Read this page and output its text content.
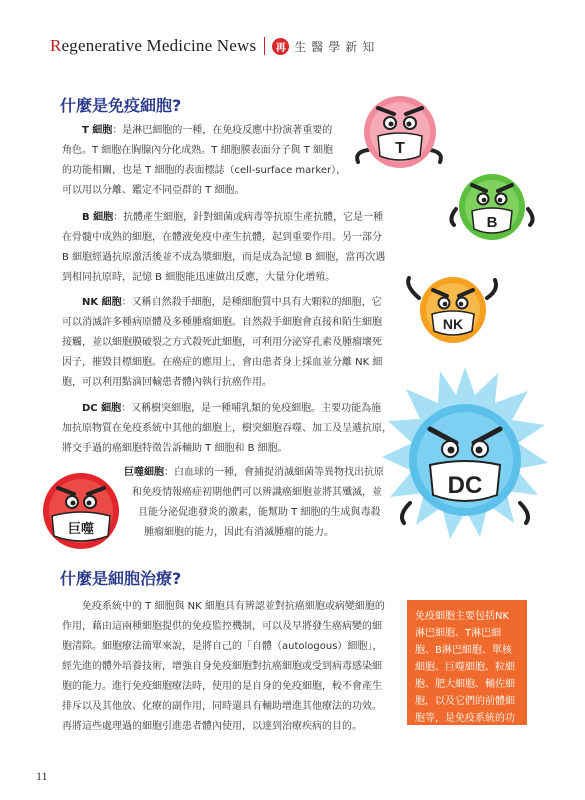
Regenerative Medicine News	再 生醫學新知
什麼是免疫細胞?
T 細胞：是淋巴細胞的一種，在免疫反應中扮演著重要的
角色。T 細胞在胸腺內分化成熟。T 細胞膜表面分子與 T 細胞
的功能相關，也是 T 細胞的表面標誌（cell-surface marker），
可以用以分離、鑑定不同亞群的 T 細胞。
B 細胞：抗體產生細胞，針對細菌或病毒等抗原生產抗體，它是一種
在骨髓中成熟的細胞，在體液免疫中產生抗體，起到重要作用。另一部分
B 細胞經過抗原激活後並不成為漿細胞，而是成為記憶 B 細胞，當再次遇
到相同抗原時，記憶 B 細胞能迅速做出反應，大量分化增殖。
NK 細胞：又稱自然殺手細胞，是種細胞質中具有大顆粒的細胞，它
可以消滅許多種病原體及多種腫瘤細胞。自然殺手細胞會直接和陌生細胞
接觸，並以細胞膜破裂之方式殺死此細胞，可利用分泌穿孔素及腫瘤壞死
因子，摧毀目標細胞。在癌症的應用上，會由患者身上採血並分離 NK 細
胞，可以利用點滴回輸患者體內執行抗癌作用。
DC 細胞：又稱樹突細胞，是一種哺乳類的免疫細胞。主要功能為施
加抗原物質在免疫系統中其他的細胞上，樹突細胞吞噬、加工及呈遞抗原，
將交手過的癌細胞特徵告訴輔助 T 細胞和 B 細胞。
巨噬細胞：白血球的一種，會捕捉消滅細菌等異物找出抗原
和免疫情報癌症初期他們可以辨識癌細胞並將其殲滅，並
且能分泌促進發炎的激素，能幫助 T 細胞的生成與毒殺
腫瘤細胞的能力，因此有消滅腫瘤的能力。
什麼是細胞治療?
免疫系統中的 T 細胞與 NK 細胞具有辨認並對抗癌細胞或病變細胞的
作用，藉由這兩種細胞提供的免疫監控機制，可以及早將發生癌病變的細
胞清除。細胞療法簡單來說，是將自己的「自體（autologous）細胞」，
經先進的體外培養技術，增強自身免疫細胞對抗癌細胞或受到病毒感染細
胞的能力。進行免疫細胞療法時，使用的是自身的免疫細胞，較不會產生
排斥以及其他放、化療的副作用，同時還具有輔助增進其他療法的功效。
再將這些處理過的細胞引進患者體內使用，以達到治療疾病的目的。
免疫細胞主要包括NK
淋巴細胞、T淋巴細
胞、B淋巴細胞、單核
細胞、巨噬細胞、粒細
胞、肥大細胞、輔佐細
胞，以及它們的前體細
胞等，是免疫系統的功
能單元。
T
B
NK
DC
巨噬
11
